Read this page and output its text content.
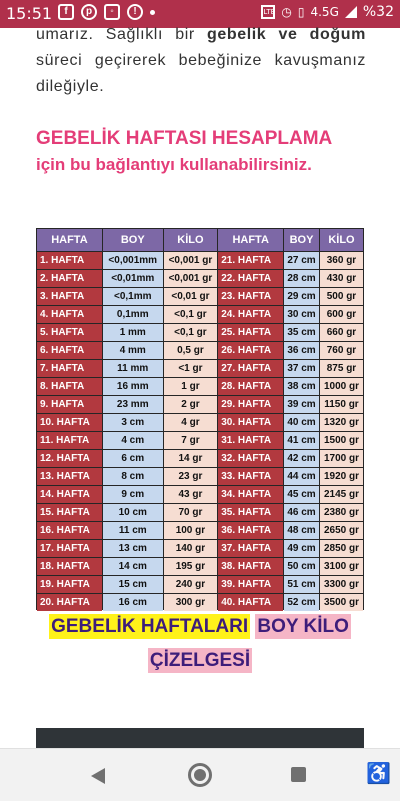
15:51	f	p	◦	!	LTE ◷ ▯ 4.5G %32
umarız. Sağlıklı bir gebelik ve doğum süreci geçirerek bebeğinize kavuşmanız dileğiyle.
GEBELİK HAFTASI HESAPLAMA için bu bağlantıyı kullanabilirsiniz.
HAFTA	BOY	KİLO	HAFTA	BOY	KİLO
1. HAFTA	<0,001mm	<0,001 gr	21. HAFTA	27 cm	360 gr
2. HAFTA	<0,01mm	<0,001 gr	22. HAFTA	28 cm	430 gr
3. HAFTA	<0,1mm	<0,01 gr	23. HAFTA	29 cm	500 gr
4. HAFTA	0,1mm	<0,1 gr	24. HAFTA	30 cm	600 gr
5. HAFTA	1 mm	<0,1 gr	25. HAFTA	35 cm	660 gr
6. HAFTA	4 mm	0,5 gr	26. HAFTA	36 cm	760 gr
7. HAFTA	11 mm	<1 gr	27. HAFTA	37 cm	875 gr
8. HAFTA	16 mm	1 gr	28. HAFTA	38 cm	1000 gr
9. HAFTA	23 mm	2 gr	29. HAFTA	39 cm	1150 gr
10. HAFTA	3 cm	4 gr	30. HAFTA	40 cm	1320 gr
11. HAFTA	4 cm	7 gr	31. HAFTA	41 cm	1500 gr
12. HAFTA	6 cm	14 gr	32. HAFTA	42 cm	1700 gr
13. HAFTA	8 cm	23 gr	33. HAFTA	44 cm	1920 gr
14. HAFTA	9 cm	43 gr	34. HAFTA	45 cm	2145 gr
15. HAFTA	10 cm	70 gr	35. HAFTA	46 cm	2380 gr
16. HAFTA	11 cm	100 gr	36. HAFTA	48 cm	2650 gr
17. HAFTA	13 cm	140 gr	37. HAFTA	49 cm	2850 gr
18. HAFTA	14 cm	195 gr	38. HAFTA	50 cm	3100 gr
19. HAFTA	15 cm	240 gr	39. HAFTA	51 cm	3300 gr
20. HAFTA	16 cm	300 gr	40. HAFTA	52 cm	3500 gr
GEBELİK HAFTALARI BOY KİLO
ÇİZELGESİ
♿
